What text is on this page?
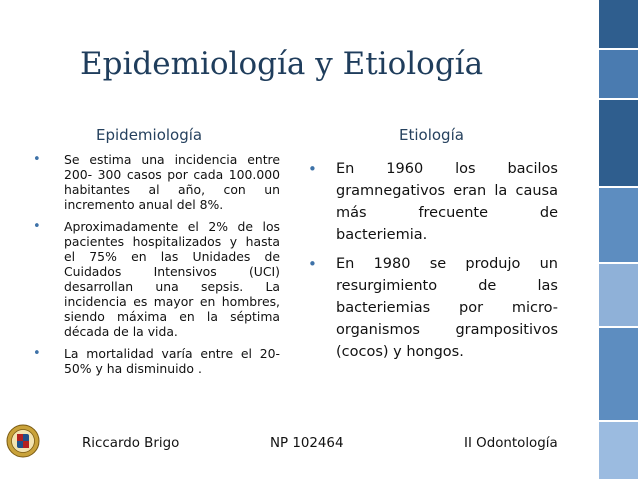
Epidemiología y Etiología
Epidemiología	Etiología
• Se estima una incidencia entre 200- 300 casos por cada 100.000 habitantes al año, con un incremento anual del 8%.
• Aproximadamente el 2% de los pacientes hospitalizados y hasta el 75% en las Unidades de Cuidados Intensivos (UCI) desarrollan una sepsis. La incidencia es mayor en hombres, siendo máxima en la séptima década de la vida.
• La mortalidad varía entre el 20-50% y ha disminuido .
• En 1960 los bacilos gramnegativos eran la causa más frecuente de bacteriemia.
• En 1980 se produjo un resurgimiento de las bacteriemias por micro-organismos grampositivos (cocos) y hongos.
Riccardo Brigo	NP 102464	II Odontología
